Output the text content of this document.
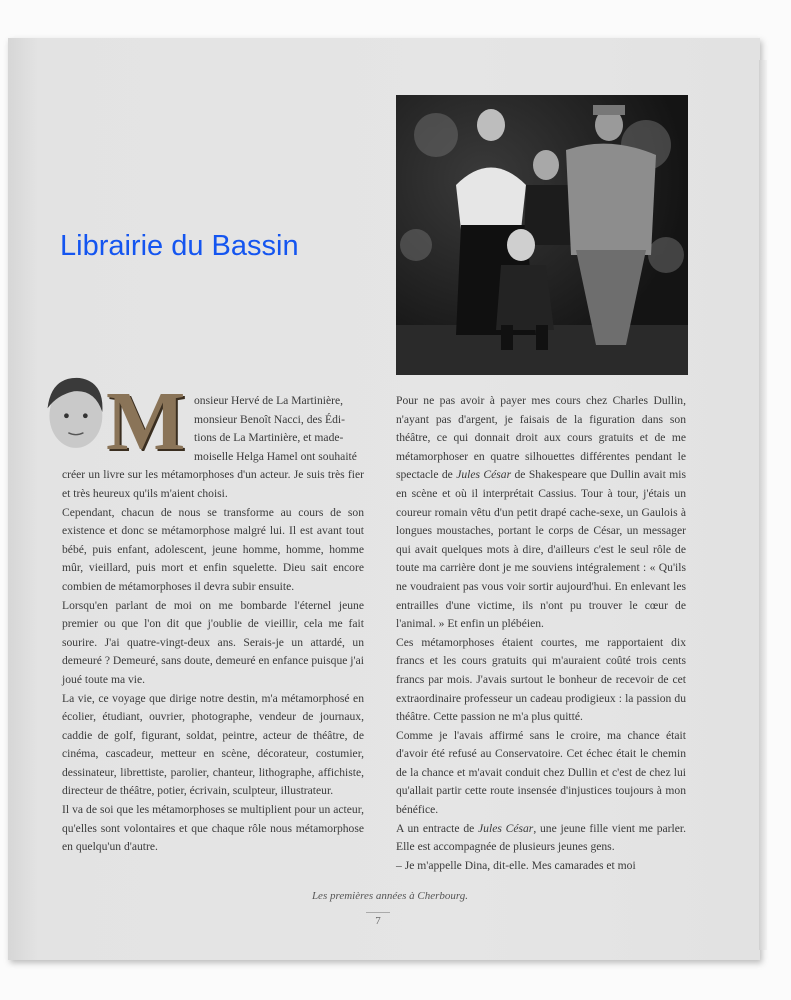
M onsieur Hervé de La Martinière,

monsieur Benoît Nacci, des Édi-

tions de La Martinière, et made-

moiselle Helga Hamel ont souhaité

créer un livre sur les métamorphoses d'un acteur. Je suis très fier et très heureux qu'ils m'aient choisi.

Cependant, chacun de nous se transforme au cours de son existence et donc se métamorphose malgré lui. Il est avant tout bébé, puis enfant, adolescent, jeune homme, homme, homme mûr, vieillard, puis mort et enfin squelette. Dieu sait encore combien de métamorphoses il devra subir ensuite.

Lorsqu'en parlant de moi on me bombarde l'éternel jeune premier ou que l'on dit que j'oublie de vieillir, cela me fait sourire. J'ai quatre-vingt-deux ans. Serais-je un attardé, un demeuré ? Demeuré, sans doute, demeuré en enfance puisque j'ai joué toute ma vie.

La vie, ce voyage que dirige notre destin, m'a métamorphosé en écolier, étudiant, ouvrier, photographe, vendeur de journaux, caddie de golf, figurant, soldat, peintre, acteur de théâtre, de cinéma, cascadeur, metteur en scène, décorateur, costumier, dessinateur, librettiste, parolier, chanteur, lithographe, affichiste, directeur de théâtre, potier, écrivain, sculpteur, illustrateur.

Il va de soi que les métamorphoses se multiplient pour un acteur, qu'elles sont volontaires et que chaque rôle nous métamorphose en quelqu'un d'autre.

Pour ne pas avoir à payer mes cours chez Charles Dullin, n'ayant pas d'argent, je faisais de la figuration dans son théâtre, ce qui donnait droit aux cours gratuits et de me métamorphoser en quatre silhouettes différentes pendant le spectacle de Jules César de Shakespeare que Dullin avait mis en scène et où il interprétait Cassius. Tour à tour, j'étais un coureur romain vêtu d'un petit drapé cache-sexe, un Gaulois à longues moustaches, portant le corps de César, un messager qui avait quelques mots à dire, d'ailleurs c'est le seul rôle de toute ma carrière dont je me souviens intégralement : « Qu'ils ne voudraient pas vous voir sortir aujourd'hui. En enlevant les entrailles d'une victime, ils n'ont pu trouver le cœur de l'animal. » Et enfin un plébéien.

Ces métamorphoses étaient courtes, me rapportaient dix francs et les cours gratuits qui m'auraient coûté trois cents francs par mois. J'avais surtout le bonheur de recevoir de cet extraordinaire professeur un cadeau prodigieux : la passion du théâtre. Cette passion ne m'a plus quitté.

Comme je l'avais affirmé sans le croire, ma chance était d'avoir été refusé au Conservatoire. Cet échec était le chemin de la chance et m'avait conduit chez Dullin et c'est de chez lui qu'allait partir cette route insensée d'injustices toujours à mon bénéfice.

A un entracte de Jules César, une jeune fille vient me parler. Elle est accompagnée de plusieurs jeunes gens.

– Je m'appelle Dina, dit-elle. Mes camarades et moi

Les premières années à Cherbourg.
7
Librairie du Bassin
